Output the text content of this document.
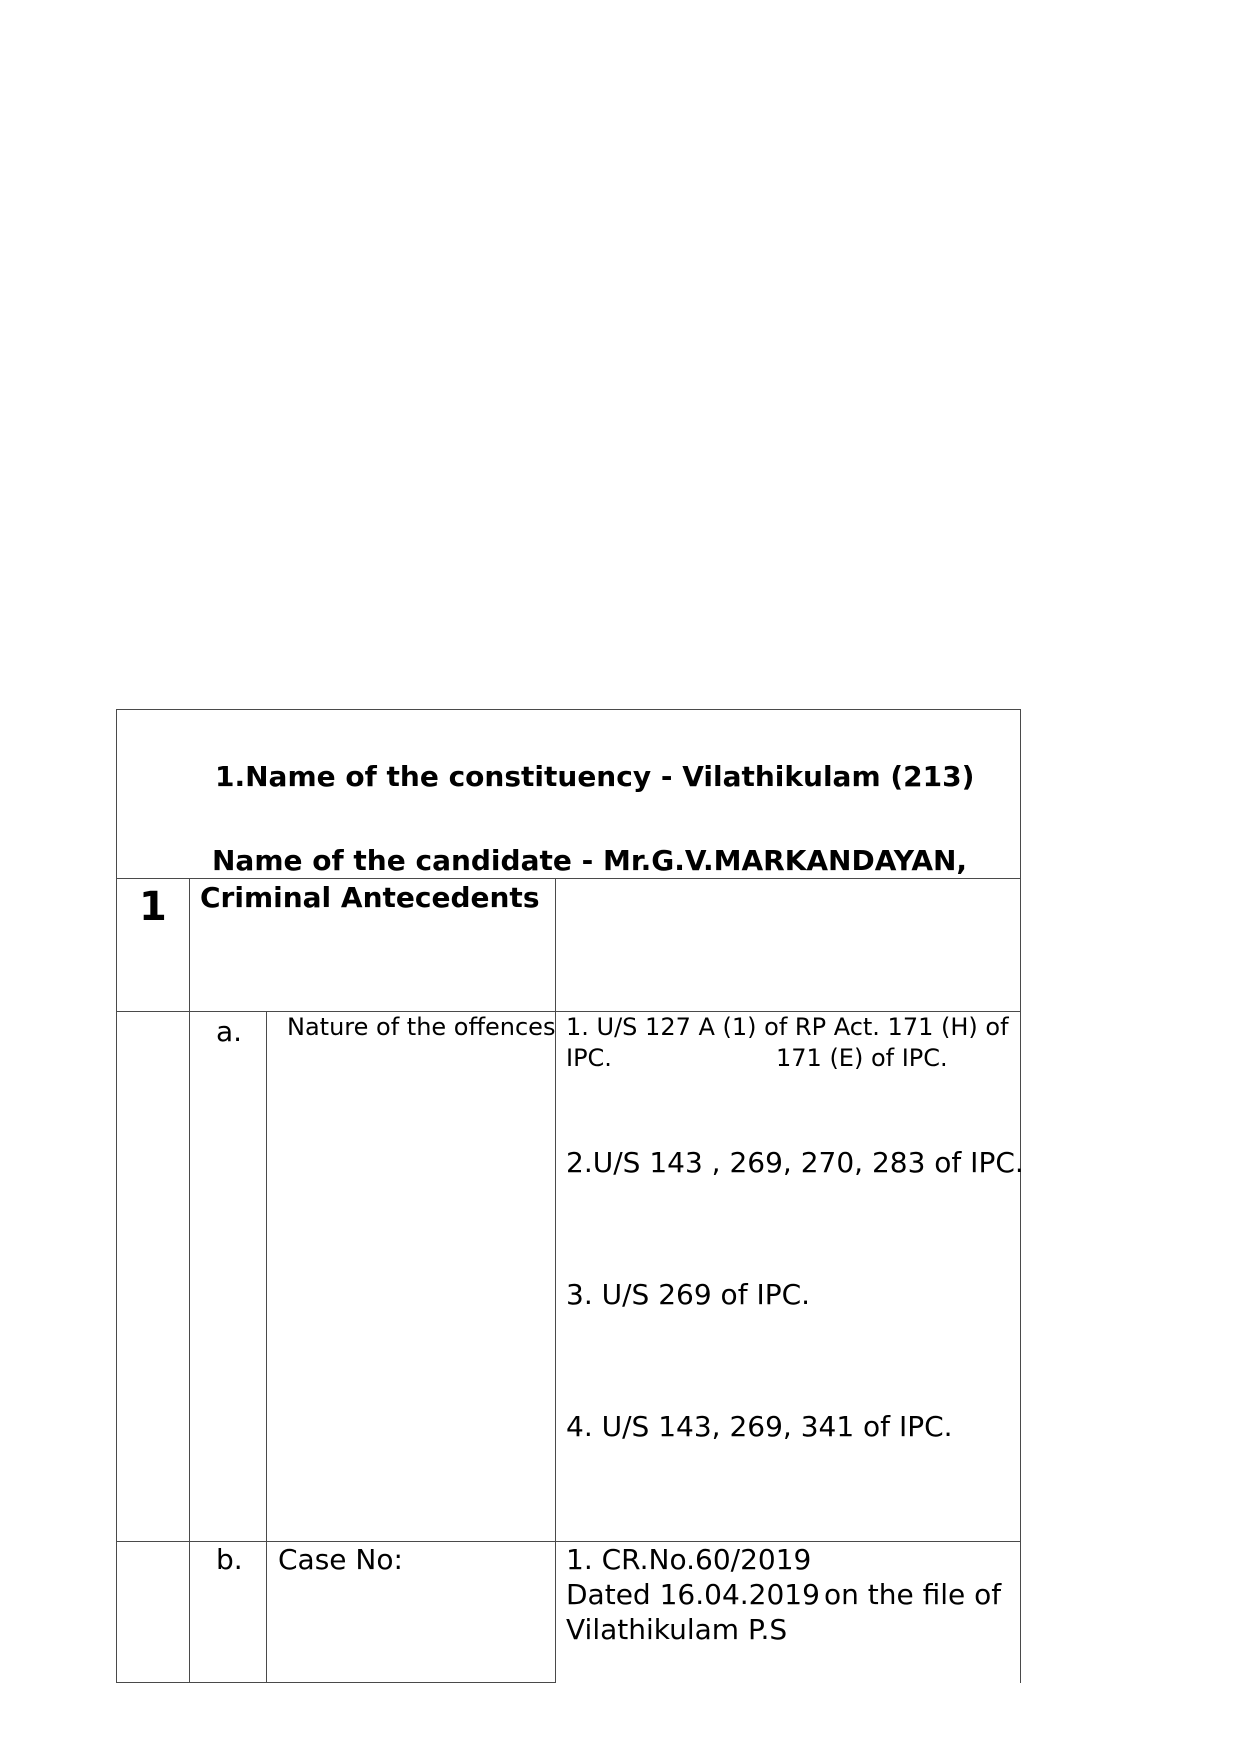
1.Name of the constituency - Vilathikulam (213)
Name of the candidate - Mr.G.V.MARKANDAYAN,
1 Criminal Antecedents
a. Nature of the offences 1. U/S 127 A (1) of RP Act. 171 (H) of
IPC.	171 (E) of IPC.
2.U/S 143 , 269, 270, 283 of IPC.
3. U/S 269 of IPC.
4. U/S 143, 269, 341 of IPC.
b. Case No:	1. CR.No.60/2019
Dated 16.04.2019 on the file of
Vilathikulam P.S
